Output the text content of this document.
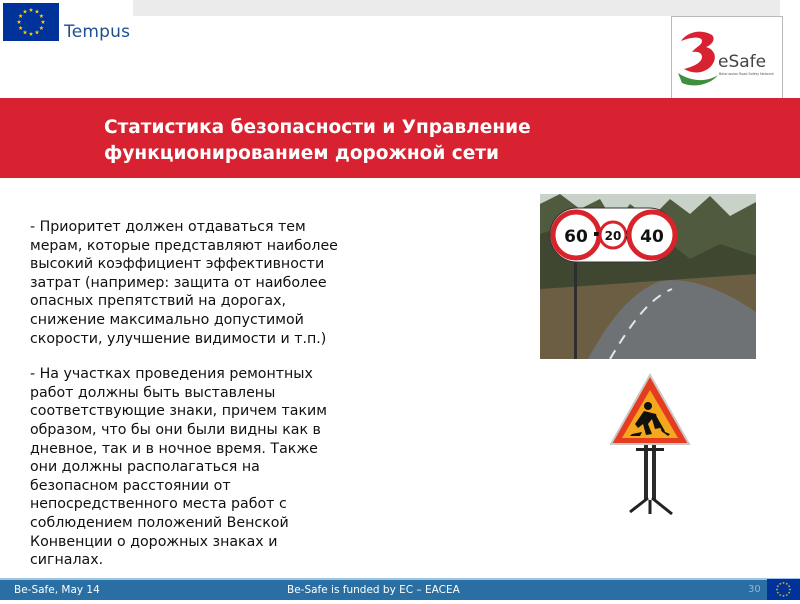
Tempus
eSafe
Belarussian Road Safety Network
Статистика безопасности и Управление
функционированием дорожной сети
- Приоритет должен отдаваться тем
мерам, которые представляют наиболее
высокий коэффициент эффективности
затрат (например: защита от наиболее
опасных препятствий на дорогах,
снижение максимально допустимой
скорости, улучшение видимости и т.п.)
- На участках проведения ремонтных
работ должны быть выставлены
соответствующие знаки, причем таким
образом, что бы они были видны как в
дневное, так и в ночное время. Также
они должны располагаться на
безопасном расстоянии от
непосредственного места работ с
соблюдением положений Венской
Конвенции о дорожных знаках и
сигналах.
60 20 40
Be-Safe, May 14	Be-Safe is funded by EC – EACEA	30
